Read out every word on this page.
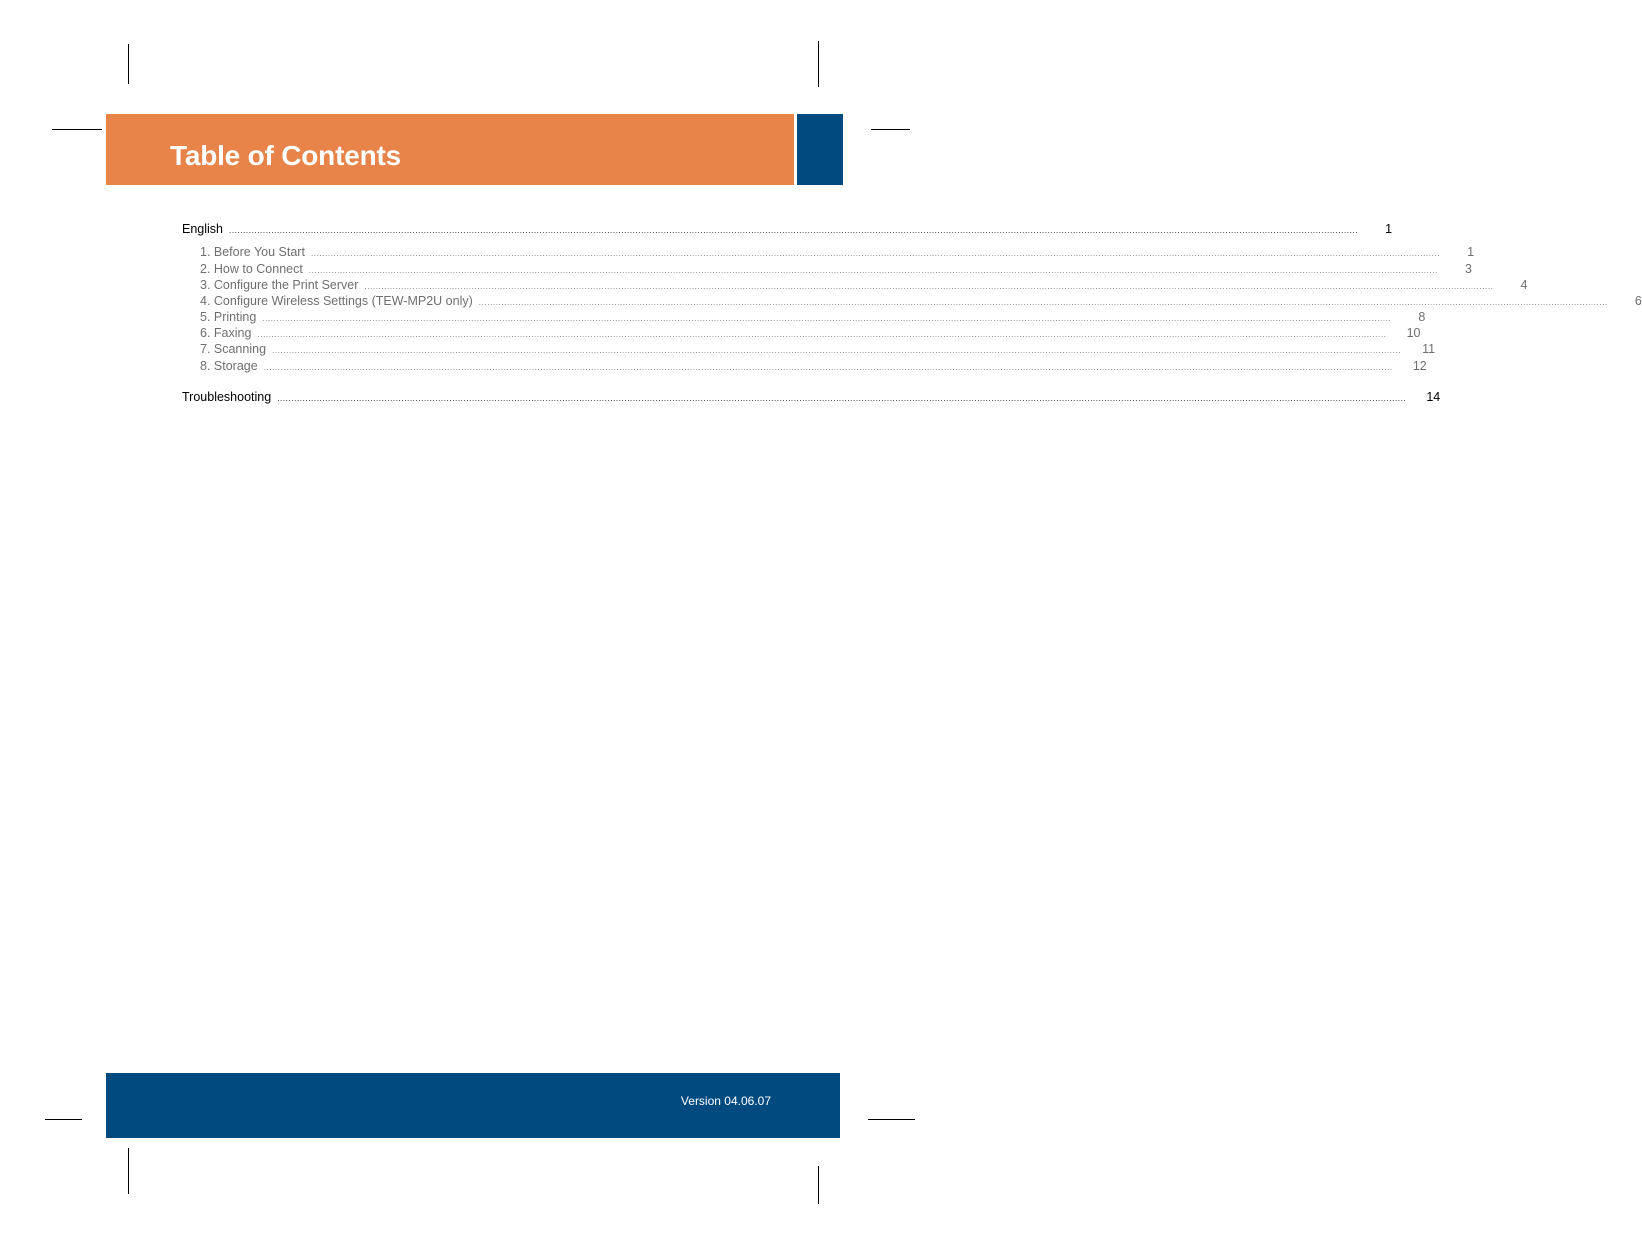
Table of Contents
English ................................................................................................................................................................................................................................................................................................................................................................................................................	1
1. Before You Start ................................................................................................................................................................................................................................................................................................................................................................................................................	1
2. How to Connect ................................................................................................................................................................................................................................................................................................................................................................................................................	3
3. Configure the Print Server ................................................................................................................................................................................................................................................................................................................................................................................................................	4
4. Configure Wireless Settings (TEW-MP2U only) ................................................................................................................................................................................................................................................................................................................................................................................................................	6
5. Printing ................................................................................................................................................................................................................................................................................................................................................................................................................	8
6. Faxing ................................................................................................................................................................................................................................................................................................................................................................................................................ 10
7. Scanning ................................................................................................................................................................................................................................................................................................................................................................................................................ 11
8. Storage ................................................................................................................................................................................................................................................................................................................................................................................................................ 12
Troubleshooting ................................................................................................................................................................................................................................................................................................................................................................................................................ 14
Version 04.06.07
